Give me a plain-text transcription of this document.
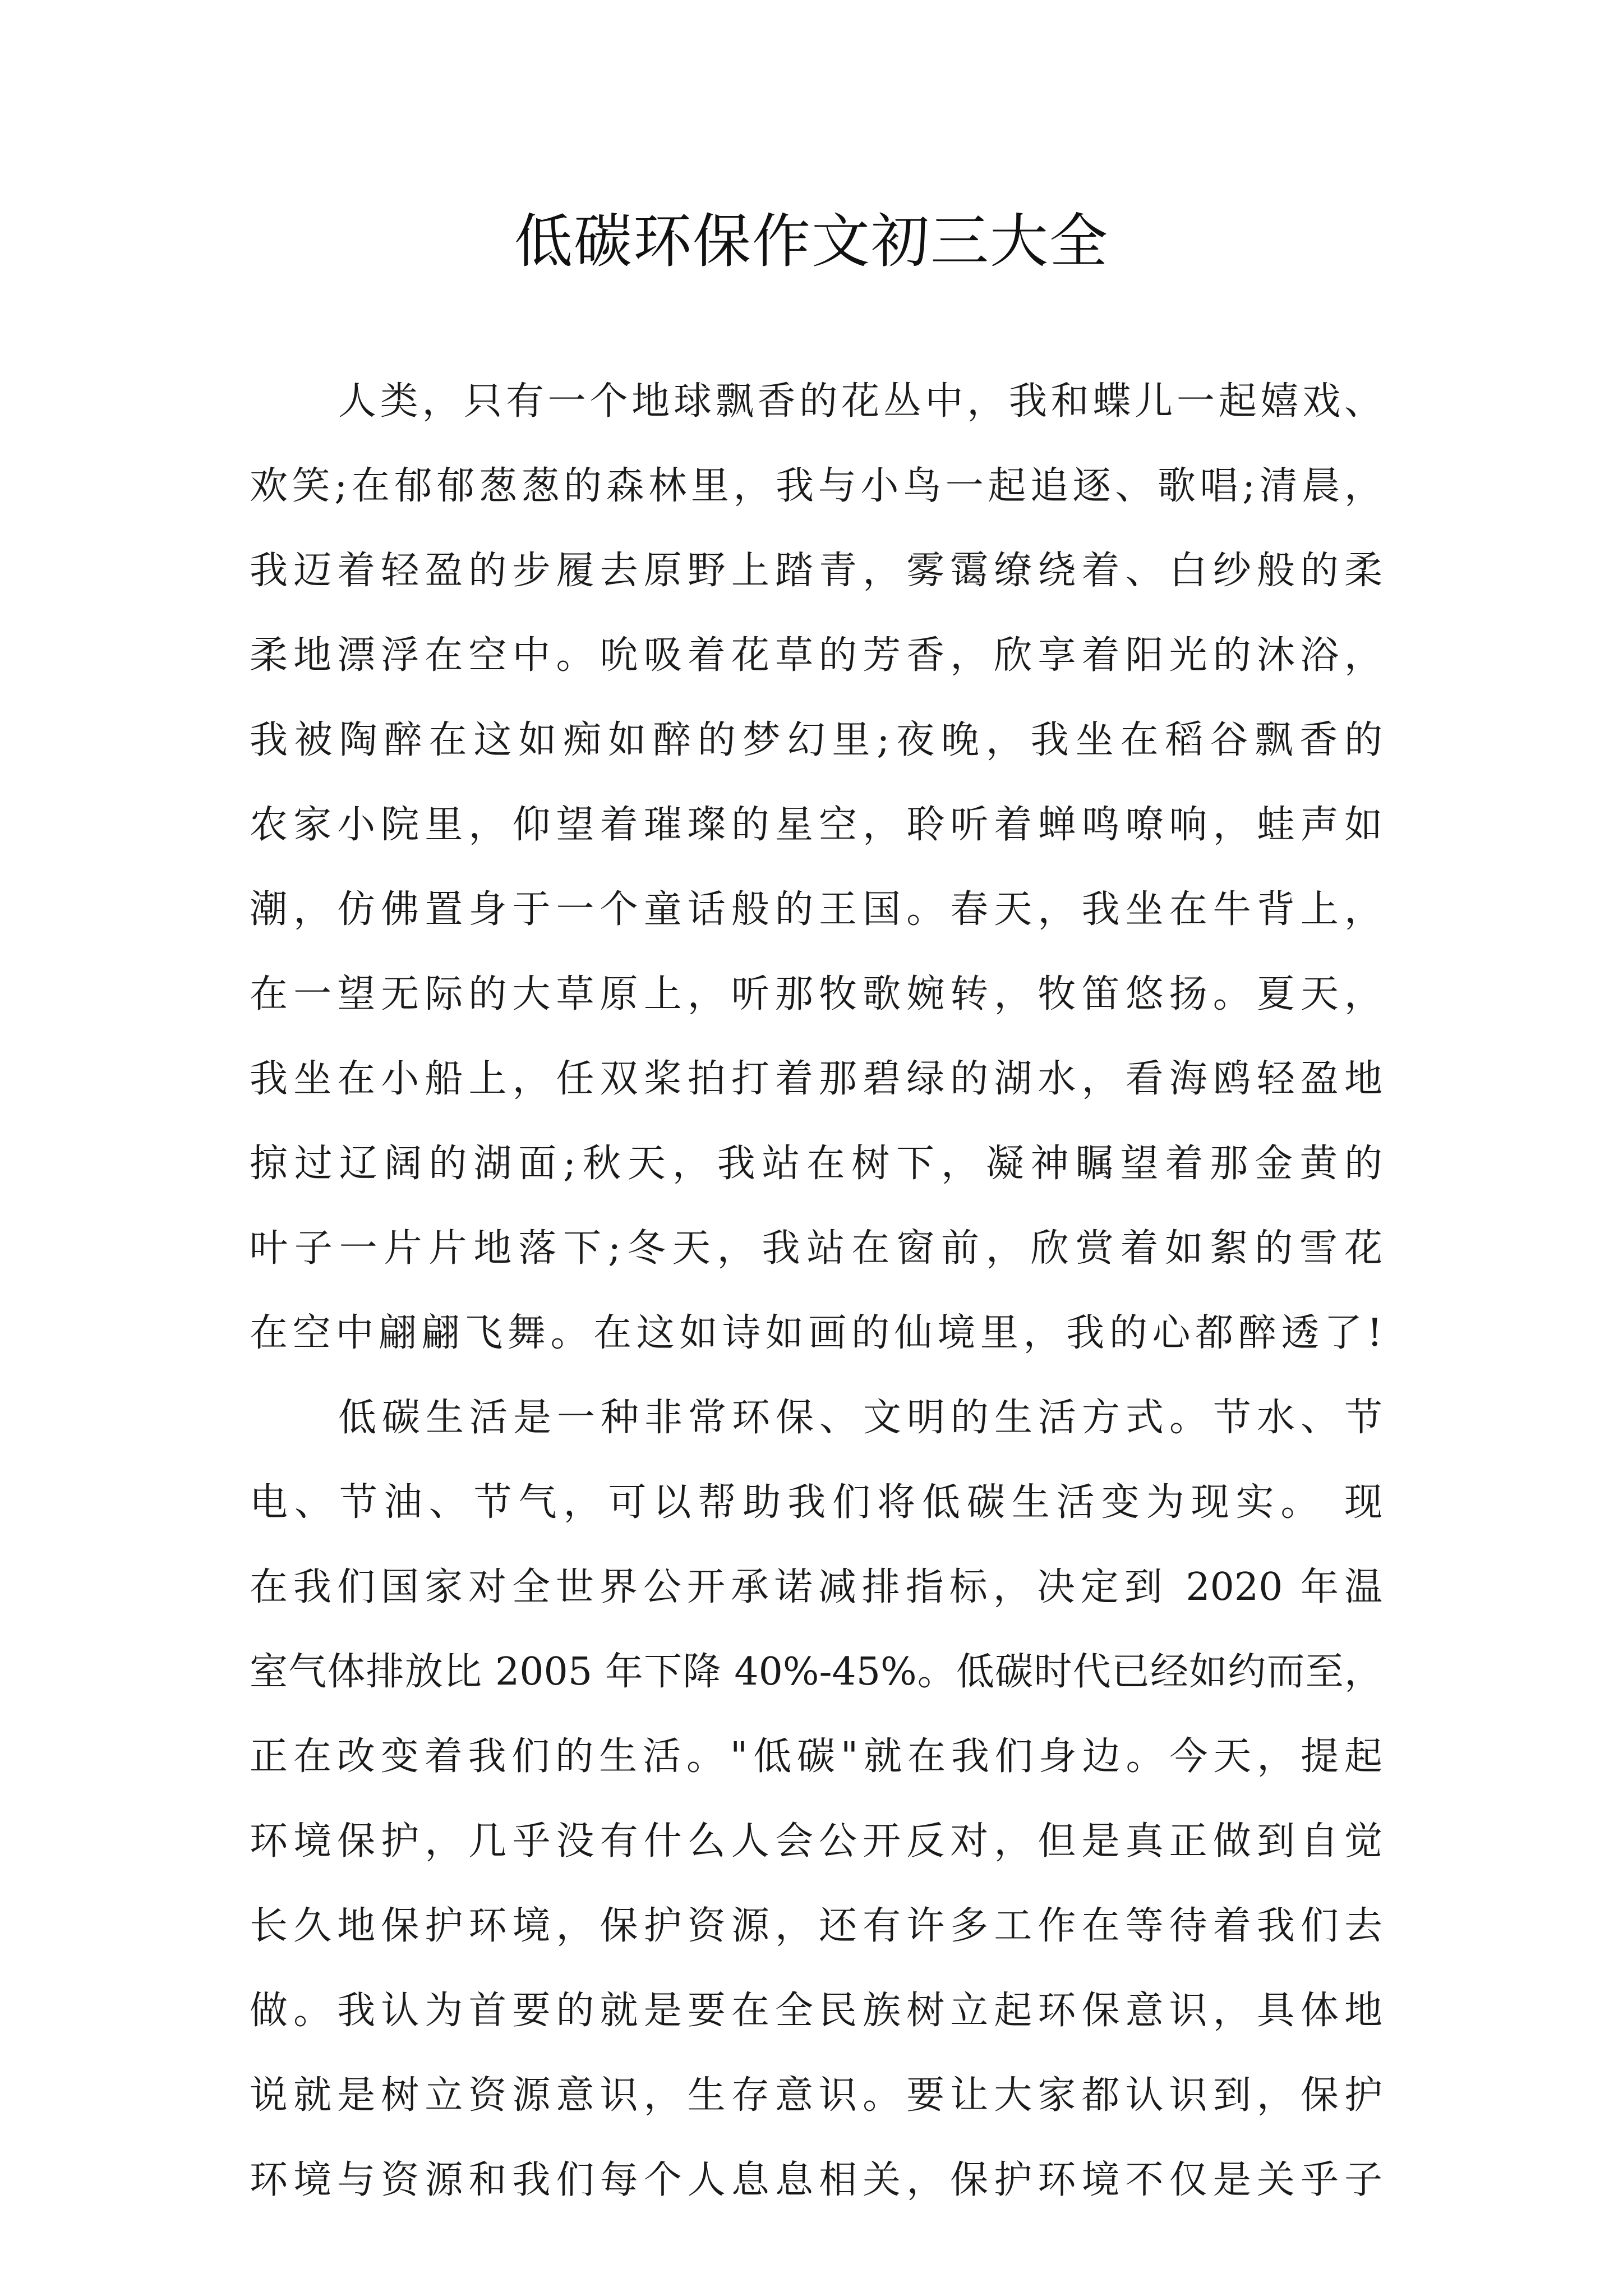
低碳环保作文初三大全
人类，只有一个地球飘香的花丛中，我和蝶儿一起嬉戏、
欢笑;在郁郁葱葱的森林里，我与小鸟一起追逐、歌唱;清晨，
我迈着轻盈的步履去原野上踏青，雾霭缭绕着、白纱般的柔
柔地漂浮在空中。吮吸着花草的芳香，欣享着阳光的沐浴，
我被陶醉在这如痴如醉的梦幻里;夜晚，我坐在稻谷飘香的
农家小院里，仰望着璀璨的星空，聆听着蝉鸣嘹响，蛙声如
潮，仿佛置身于一个童话般的王国。春天，我坐在牛背上，
在一望无际的大草原上，听那牧歌婉转，牧笛悠扬。夏天，
我坐在小船上，任双桨拍打着那碧绿的湖水，看海鸥轻盈地
掠过辽阔的湖面;秋天，我站在树下，凝神瞩望着那金黄的
叶子一片片地落下;冬天，我站在窗前，欣赏着如絮的雪花
在空中翩翩飞舞。在这如诗如画的仙境里，我的心都醉透了!
低碳生活是一种非常环保、文明的生活方式。节水、节
电、节油、节气，可以帮助我们将低碳生活变为现实。 现
在我们国家对全世界公开承诺减排指标，决定到 2020 年温
室气体排放比 2005 年下降 40%-45%。低碳时代已经如约而至，
正在改变着我们的生活。"低碳"就在我们身边。今天，提起
环境保护，几乎没有什么人会公开反对，但是真正做到自觉
长久地保护环境，保护资源，还有许多工作在等待着我们去
做。我认为首要的就是要在全民族树立起环保意识，具体地
说就是树立资源意识，生存意识。要让大家都认识到，保护
环境与资源和我们每个人息息相关，保护环境不仅是关乎子
